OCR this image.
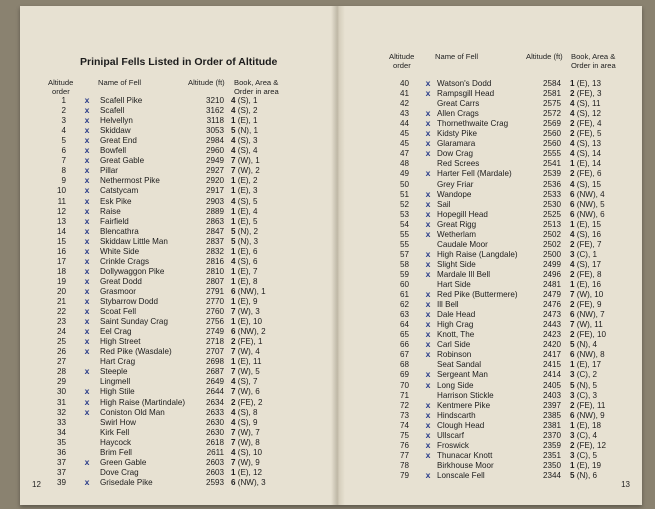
Prinipal Fells Listed in Order of Altitude
Altitude
order
Name of Fell	Altitude (ft) Book, Area &
Order in area
1	x	Scafell Pike	3210 4 (S), 1
2	x	Scafell	3162 4 (S), 2
3	x	Helvellyn	3118 1 (E), 1
4	x	Skiddaw	3053 5 (N), 1
5	x	Great End	2984 4 (S), 3
6	x	Bowfell	2960 4 (S), 4
7	x	Great Gable	2949 7 (W), 1
8	x	Pillar	2927 7 (W), 2
9	x	Nethermost Pike	2920 1 (E), 2
10	x	Catstycam	2917 1 (E), 3
11	x	Esk Pike	2903 4 (S), 5
12	x	Raise	2889 1 (E), 4
13	x	Fairfield	2863 1 (E), 5
14	x	Blencathra	2847 5 (N), 2
15	x	Skiddaw Little Man	2837 5 (N), 3
16	x	White Side	2832 1 (E), 6
17	x	Crinkle Crags	2816 4 (S), 6
18	x	Dollywaggon Pike	2810 1 (E), 7
19	x	Great Dodd	2807 1 (E), 8
20	x	Grasmoor	2791 6 (NW), 1
21	x	Stybarrow Dodd	2770 1 (E), 9
22	x	Scoat Fell	2760 7 (W), 3
23	x	Saint Sunday Crag	2756 1 (E), 10
24	x	Eel Crag	2749 6 (NW), 2
25	x	High Street	2718 2 (FE), 1
26	x	Red Pike (Wasdale)	2707 7 (W), 4
27	Hart Crag	2698 1 (E), 11
28	x	Steeple	2687 7 (W), 5
29	Lingmell	2649 4 (S), 7
30	x	High Stile	2644 7 (W), 6
31	x	High Raise (Martindale)	2634 2 (FE), 2
32	x	Coniston Old Man	2633 4 (S), 8
33	Swirl How	2630 4 (S), 9
34	Kirk Fell	2630 7 (W), 7
35	Haycock	2618 7 (W), 8
36	Brim Fell	2611 4 (S), 10
37	x	Green Gable	2603 7 (W), 9
37	Dove Crag	2603 1 (E), 12
39	x	Grisedale Pike	2593 6 (NW), 3
12
Altitude
order
Name of Fell	Altitude (ft) Book, Area &
Order in area
40	x Watson's Dodd	2584 1 (E), 13
41	x Rampsgill Head	2581 2 (FE), 3
42	Great Carrs	2575 4 (S), 11
43	x Allen Crags	2572 4 (S), 12
44	x Thornethwaite Crag	2569 2 (FE), 4
45	x Kidsty Pike	2560 2 (FE), 5
45	x Glaramara	2560 4 (S), 13
47	x Dow Crag	2555 4 (S), 14
48	Red Screes	2541 1 (E), 14
49	x Harter Fell (Mardale)	2539 2 (FE), 6
50	Grey Friar	2536 4 (S), 15
51	x Wandope	2533 6 (NW), 4
52	x Sail	2530 6 (NW), 5
53	x Hopegill Head	2525 6 (NW), 6
54	x Great Rigg	2513 1 (E), 15
55	x Wetherlam	2502 4 (S), 16
55	Caudale Moor	2502 2 (FE), 7
57	x High Raise (Langdale)	2500 3 (C), 1
58	x Slight Side	2499 4 (S), 17
59	x Mardale Ill Bell	2496 2 (FE), 8
60	Hart Side	2481 1 (E), 16
61	x Red Pike (Buttermere)	2479 7 (W), 10
62	x Ill Bell	2476 2 (FE), 9
63	x Dale Head	2473 6 (NW), 7
64	x High Crag	2443 7 (W), 11
65	x Knott, The	2423 2 (FE), 10
66	x Carl Side	2420 5 (N), 4
67	x Robinson	2417 6 (NW), 8
68	Seat Sandal	2415 1 (E), 17
69	x Sergeant Man	2414 3 (C), 2
70	x Long Side	2405 5 (N), 5
71	Harrison Stickle	2403 3 (C), 3
72	x Kentmere Pike	2397 2 (FE), 11
73	x Hindscarth	2385 6 (NW), 9
74	x Clough Head	2381 1 (E), 18
75	x Ullscarf	2370 3 (C), 4
76	x Froswick	2359 2 (FE), 12
77	x Thunacar Knott	2351 3 (C), 5
78	Birkhouse Moor	2350 1 (E), 19
79	x Lonscale Fell	2344 5 (N), 6
13
